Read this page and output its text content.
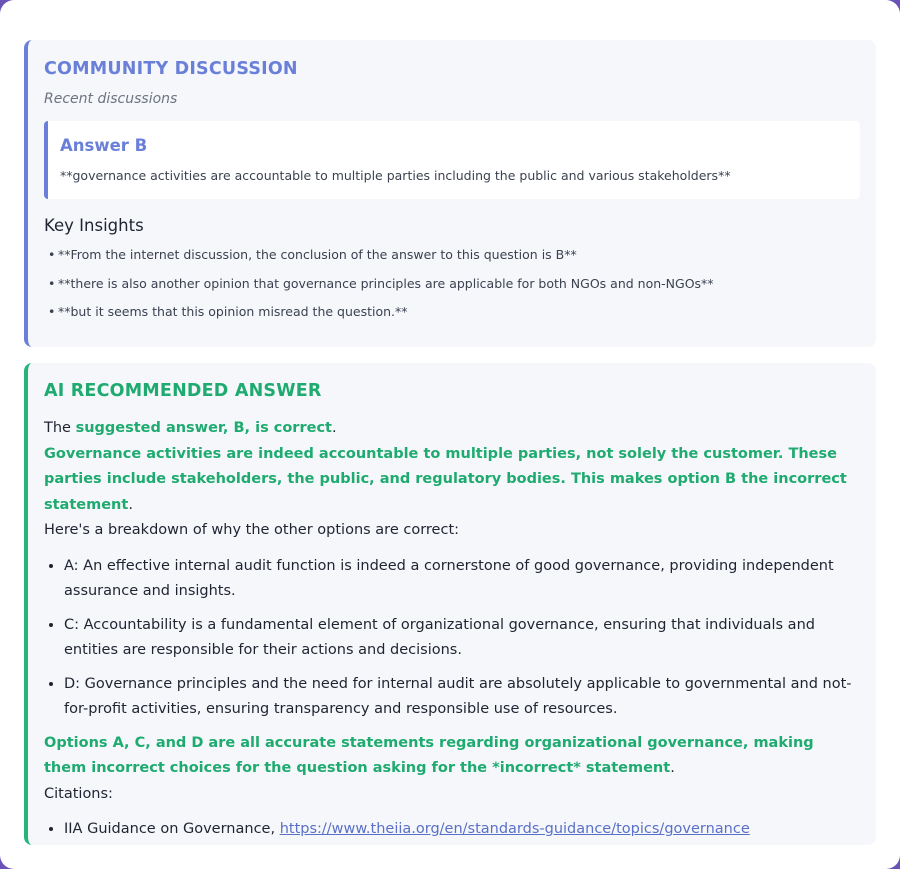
COMMUNITY DISCUSSION
Recent discussions
Answer B
**governance activities are accountable to multiple parties including the public and various stakeholders**
Key Insights
• **From the internet discussion, the conclusion of the answer to this question is B**
• **there is also another opinion that governance principles are applicable for both NGOs and non-NGOs**
• **but it seems that this opinion misread the question.**
AI RECOMMENDED ANSWER
The suggested answer, B, is correct.
Governance activities are indeed accountable to multiple parties, not solely the customer. These parties include stakeholders, the public, and regulatory bodies. This makes option B the incorrect statement.
Here's a breakdown of why the other options are correct:
• A: An effective internal audit function is indeed a cornerstone of good governance, providing independent assurance and insights.
• C: Accountability is a fundamental element of organizational governance, ensuring that individuals and entities are responsible for their actions and decisions.
• D: Governance principles and the need for internal audit are absolutely applicable to governmental and not-for-profit activities, ensuring transparency and responsible use of resources.
Options A, C, and D are all accurate statements regarding organizational governance, making them incorrect choices for the question asking for the *incorrect* statement.
Citations:
• IIA Guidance on Governance, https://www.theiia.org/en/standards-guidance/topics/governance
